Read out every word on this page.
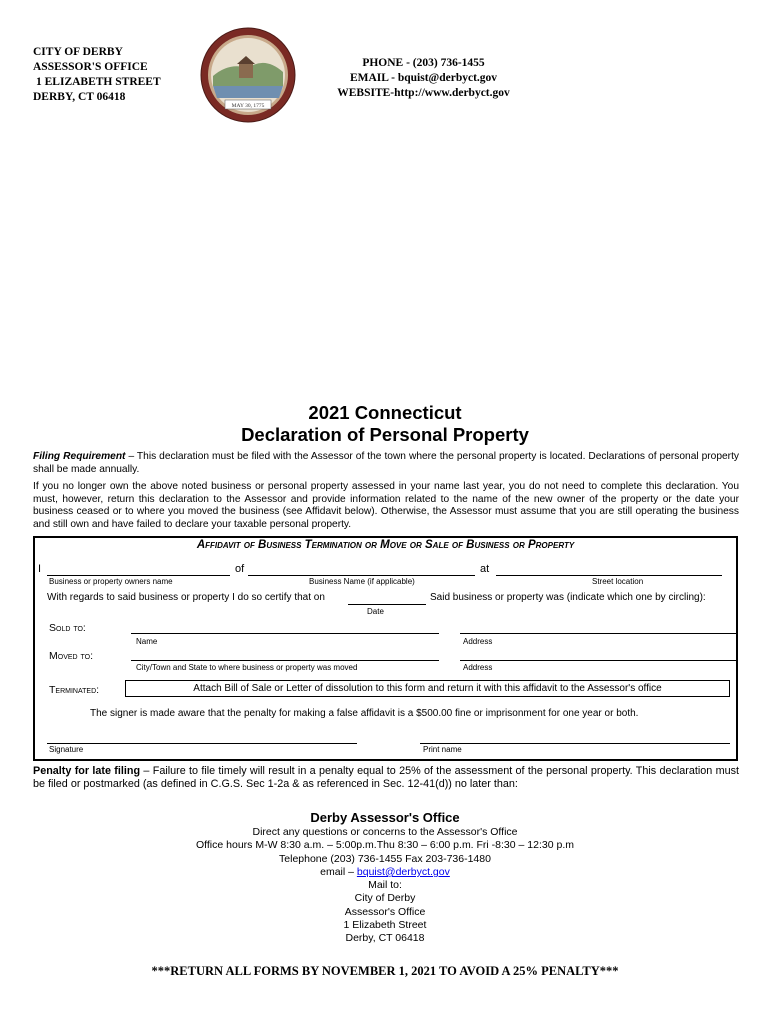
CITY OF DERBY
ASSESSOR'S OFFICE
1 ELIZABETH STREET
DERBY, CT 06418
MAY 30, 1775
PHONE - (203) 736-1455
EMAIL - bquist@derbyct.gov
WEBSITE-http://www.derbyct.gov
2021 Connecticut
Declaration of Personal Property
Filing Requirement – This declaration must be filed with the Assessor of the town where the personal property is located. Declarations of personal property shall be made annually.
If you no longer own the above noted business or personal property assessed in your name last year, you do not need to complete this declaration. You must, however, return this declaration to the Assessor and provide information related to the name of the new owner of the property or the date your business ceased or to where you moved the business (see Affidavit below). Otherwise, the Assessor must assume that you are still operating the business and still own and have failed to declare your taxable personal property.
Affidavit of Business Termination or Move or Sale of Business or Property
I	of	at
Business or property owners name	Business Name (if applicable)	Street location
With regards to said business or property I do so certify that on	Said business or property was (indicate which one by circling):
Date
Sold to:
Name	Address
Moved to:
City/Town and State to where business or property was moved	Address
Terminated:	Attach Bill of Sale or Letter of dissolution to this form and return it with this affidavit to the Assessor's office
The signer is made aware that the penalty for making a false affidavit is a $500.00 fine or imprisonment for one year or both.
Signature	Print name
Penalty for late filing – Failure to file timely will result in a penalty equal to 25% of the assessment of the personal property. This declaration must be filed or postmarked (as defined in C.G.S. Sec 1-2a & as referenced in Sec. 12-41(d)) no later than:
Derby Assessor's Office
Direct any questions or concerns to the Assessor's Office
Office hours M-W 8:30 a.m. – 5:00p.m.Thu 8:30 – 6:00 p.m. Fri -8:30 – 12:30 p.m
Telephone (203) 736-1455 Fax 203-736-1480
email – bquist@derbyct.gov
Mail to:
City of Derby
Assessor's Office
1 Elizabeth Street
Derby, CT 06418
***RETURN ALL FORMS BY NOVEMBER 1, 2021 TO AVOID A 25% PENALTY***
